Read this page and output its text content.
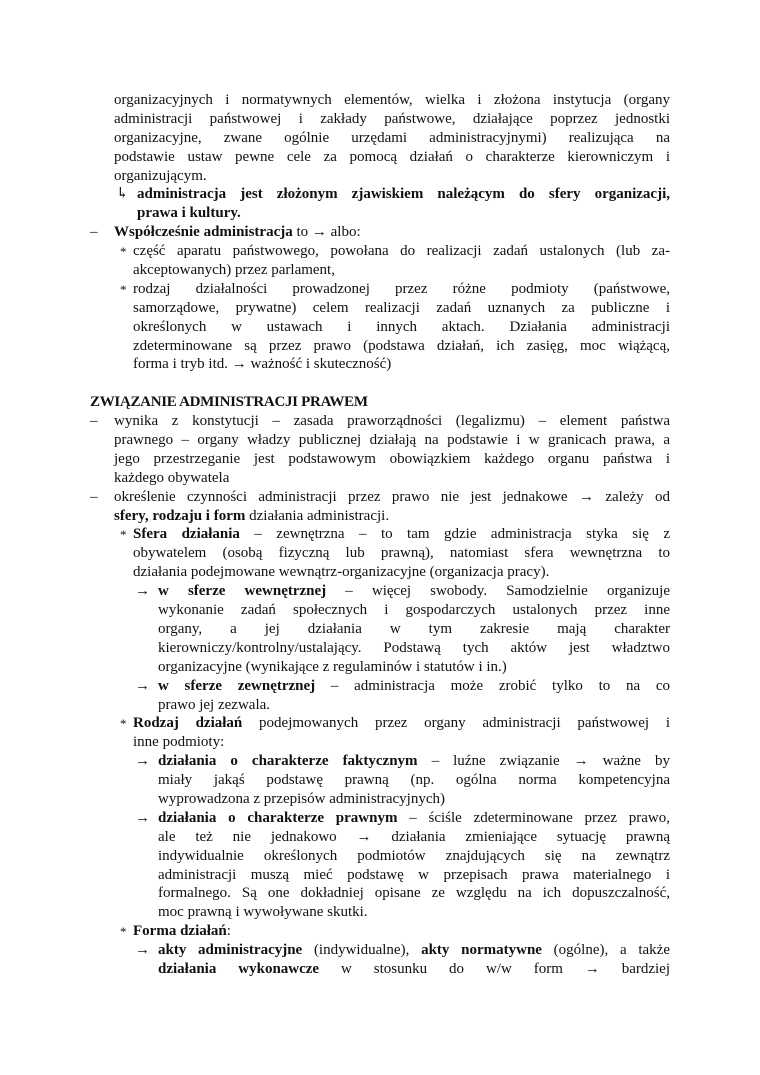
organizacyjnych i normatywnych elementów, wielka i złożona instytucja (organy
administracji państwowej i zakłady państwowe, działające poprzez jednostki
organizacyjne, zwane ogólnie urzędami administracyjnymi) realizująca na
podstawie ustaw pewne cele za pomocą działań o charakterze kierowniczym i
organizującym.
↳ administracja jest złożonym zjawiskiem należącym do sfery organizacji,
prawa i kultury.
– Współcześnie administracja to → albo:
* część aparatu państwowego, powołana do realizacji zadań ustalonych (lub za-
akceptowanych) przez parlament,
* rodzaj działalności prowadzonej przez różne podmioty (państwowe,
samorządowe, prywatne) celem realizacji zadań uznanych za publiczne i
określonych w ustawach i innych aktach. Działania administracji
zdeterminowane są przez prawo (podstawa działań, ich zasięg, moc wiążącą,
forma i tryb itd. → ważność i skuteczność)
ZWIĄZANIE ADMINISTRACJI PRAWEM
– wynika z konstytucji – zasada praworządności (legalizmu) – element państwa
prawnego – organy władzy publicznej działają na podstawie i w granicach prawa, a
jego przestrzeganie jest podstawowym obowiązkiem każdego organu państwa i
każdego obywatela
– określenie czynności administracji przez prawo nie jest jednakowe → zależy od
sfery, rodzaju i form działania administracji.
* Sfera działania – zewnętrzna – to tam gdzie administracja styka się z
obywatelem (osobą fizyczną lub prawną), natomiast sfera wewnętrzna to
działania podejmowane wewnątrz-organizacyjne (organizacja pracy).
→ w sferze wewnętrznej – więcej swobody. Samodzielnie organizuje
wykonanie zadań społecznych i gospodarczych ustalonych przez inne
organy, a jej działania w tym zakresie mają charakter
kierowniczy/kontrolny/ustalający. Podstawą tych aktów jest władztwo
organizacyjne (wynikające z regulaminów i statutów i in.)
→ w sferze zewnętrznej – administracja może zrobić tylko to na co
prawo jej zezwala.
* Rodzaj działań podejmowanych przez organy administracji państwowej i
inne podmioty:
→ działania o charakterze faktycznym – luźne związanie → ważne by
miały jakąś podstawę prawną (np. ogólna norma kompetencyjna
wyprowadzona z przepisów administracyjnych)
→ działania o charakterze prawnym – ściśle zdeterminowane przez prawo,
ale też nie jednakowo → działania zmieniające sytuację prawną
indywidualnie określonych podmiotów znajdujących się na zewnątrz
administracji muszą mieć podstawę w przepisach prawa materialnego i
formalnego. Są one dokładniej opisane ze względu na ich dopuszczalność,
moc prawną i wywoływane skutki.
* Forma działań:
→ akty administracyjne (indywidualne), akty normatywne (ogólne), a także
działania wykonawcze w stosunku do w/w form → bardziej
